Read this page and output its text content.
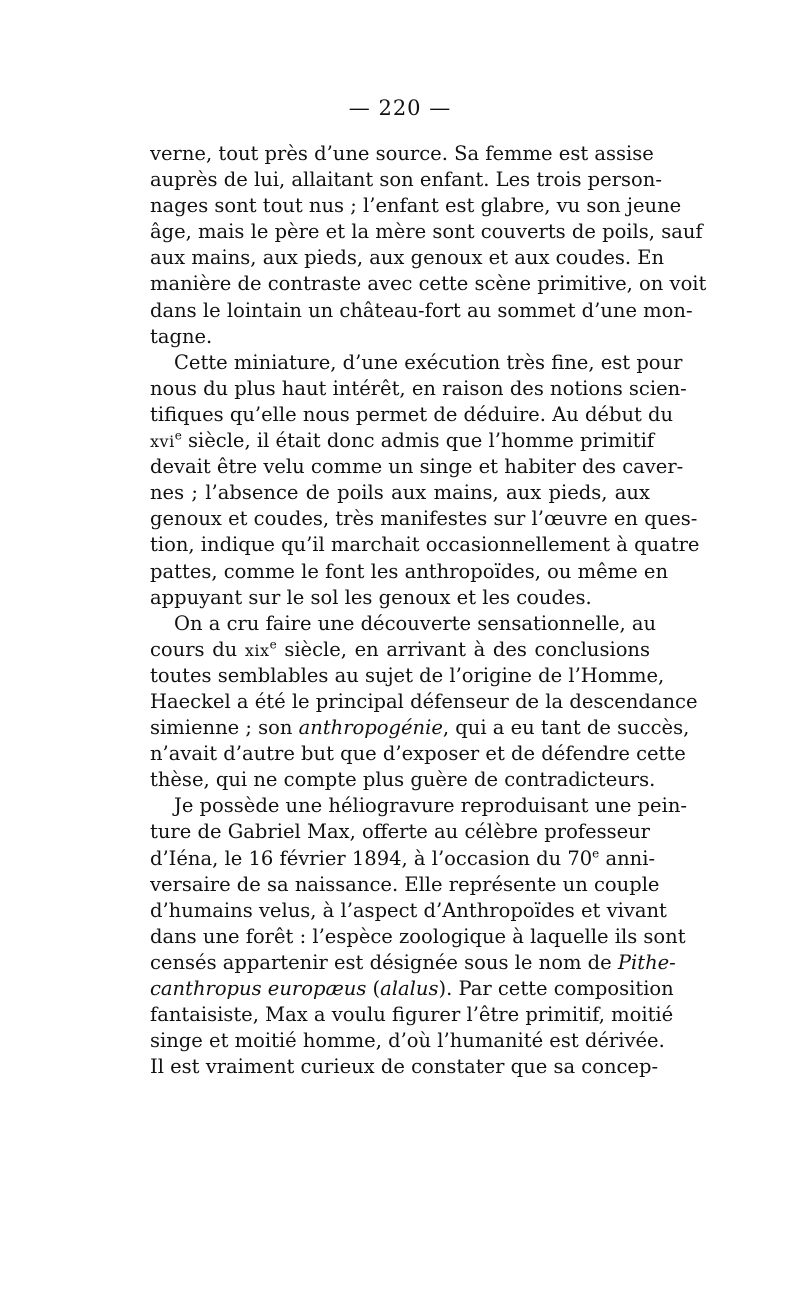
— 220 —
verne, tout près d’une source. Sa femme est assise
auprès de lui, allaitant son enfant. Les trois person-
nages sont tout nus ; l’enfant est glabre, vu son jeune
âge, mais le père et la mère sont couverts de poils, sauf
aux mains, aux pieds, aux genoux et aux coudes. En
manière de contraste avec cette scène primitive, on voit
dans le lointain un château-fort au sommet d’une mon-
tagne.
Cette miniature, d’une exécution très fine, est pour
nous du plus haut intérêt, en raison des notions scien-
tifiques qu’elle nous permet de déduire. Au début du
xvi$^e$ siècle, il était donc admis que l’homme primitif
devait être velu comme un singe et habiter des caver-
nes ; l’absence de poils aux mains, aux pieds, aux
genoux et coudes, très manifestes sur l’œuvre en ques-
tion, indique qu’il marchait occasionnellement à quatre
pattes, comme le font les anthropoïdes, ou même en
appuyant sur le sol les genoux et les coudes.
On a cru faire une découverte sensationnelle, au
cours du xix$^e$ siècle, en arrivant à des conclusions
toutes semblables au sujet de l’origine de l’Homme,
Haeckel a été le principal défenseur de la descendance
simienne ; son anthropogénie, qui a eu tant de succès,
n’avait d’autre but que d’exposer et de défendre cette
thèse, qui ne compte plus guère de contradicteurs.
Je possède une héliogravure reproduisant une pein-
ture de Gabriel Max, offerte au célèbre professeur
d’Iéna, le 16 février 1894, à l’occasion du 70e anni-
versaire de sa naissance. Elle représente un couple
d’humains velus, à l’aspect d’Anthropoïdes et vivant
dans une forêt : l’espèce zoologique à laquelle ils sont
censés appartenir est désignée sous le nom de Pithe-
canthropus europæus (alalus). Par cette composition
fantaisiste, Max a voulu figurer l’être primitif, moitié
singe et moitié homme, d’où l’humanité est dérivée.
Il est vraiment curieux de constater que sa concep-
